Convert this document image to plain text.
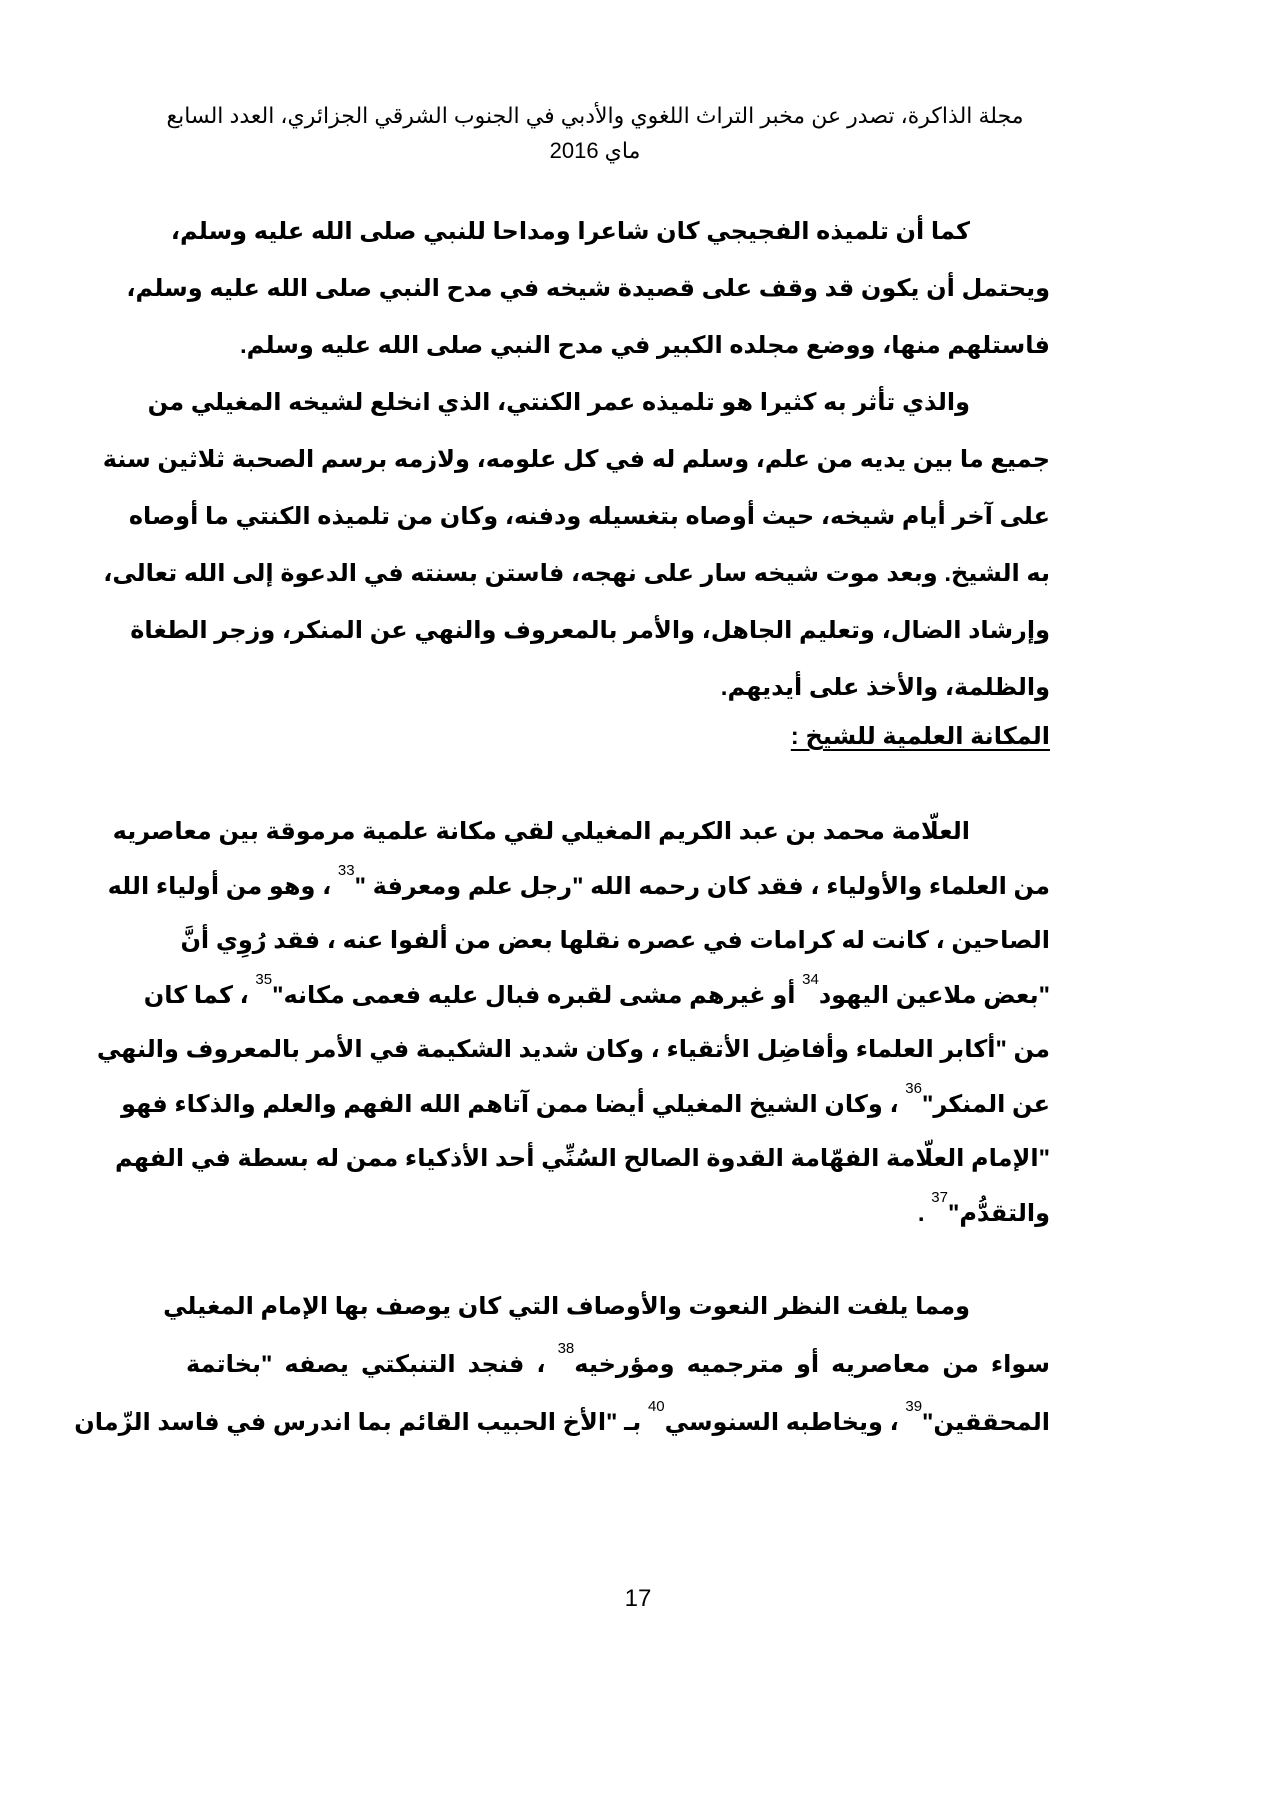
مجلة الذاكرة، تصدر عن مخبر التراث اللغوي والأدبي في الجنوب الشرقي الجزائري، العدد السابع
ماي 2016
كما أن تلميذه الفجيجي كان شاعرا ومداحا للنبي صلى الله عليه وسلم،
ويحتمل أن يكون قد وقف على قصيدة شيخه في مدح النبي صلى الله عليه وسلم،
فاستلهم منها، ووضع مجلده الكبير في مدح النبي صلى الله عليه وسلم.
والذي تأثر به كثيرا هو تلميذه عمر الكنتي، الذي انخلع لشيخه المغيلي من
جميع ما بين يديه من علم، وسلم له في كل علومه، ولازمه برسم الصحبة ثلاثين سنة
على آخر أيام شيخه، حيث أوصاه بتغسيله ودفنه، وكان من تلميذه الكنتي ما أوصاه
به الشيخ. وبعد موت شيخه سار على نهجه، فاستن بسنته في الدعوة إلى الله تعالى،
وإرشاد الضال، وتعليم الجاهل، والأمر بالمعروف والنهي عن المنكر، وزجر الطغاة
والظلمة، والأخذ على أيديهم.
العلّامة محمد بن عبد الكريم المغيلي لقي مكانة علمية مرموقة بين معاصريه
من العلماء والأولياء ، فقد كان رحمه الله "رجل علم ومعرفة "$^{33}$ ، وهو من أولياء الله
الصاحين ، كانت له كرامات في عصره نقلها بعض من ألفوا عنه ، فقد رُوِي أنَّ
"بعض ملاعين اليهود$^{34}$ أو غيرهم مشى لقبره فبال عليه فعمى مكانه"$^{35}$ ، كما كان
من "أكابر العلماء وأفاضِل الأتقياء ، وكان شديد الشكيمة في الأمر بالمعروف والنهي
عن المنكر"$^{36}$ ، وكان الشيخ المغيلي أيضا ممن آتاهم الله الفهم والعلم والذكاء فهو
"الإمام العلّامة الفهّامة القدوة الصالح السُنِّي أحد الأذكياء ممن له بسطة في الفهم
والتقدُّم"$^{37}$ .
ومما يلفت النظر النعوت والأوصاف التي كان يوصف بها الإمام المغيلي
سواء من معاصريه أو مترجميه ومؤرخيه$^{38}$ ، فنجد التنبكتي يصفه "بخاتمة
المحققين"$^{39}$ ، ويخاطبه السنوسي$^{40}$ بـ "الأخ الحبيب القائم بما اندرس في فاسد الزّمان
المكانة العلمية للشيخ :
17
